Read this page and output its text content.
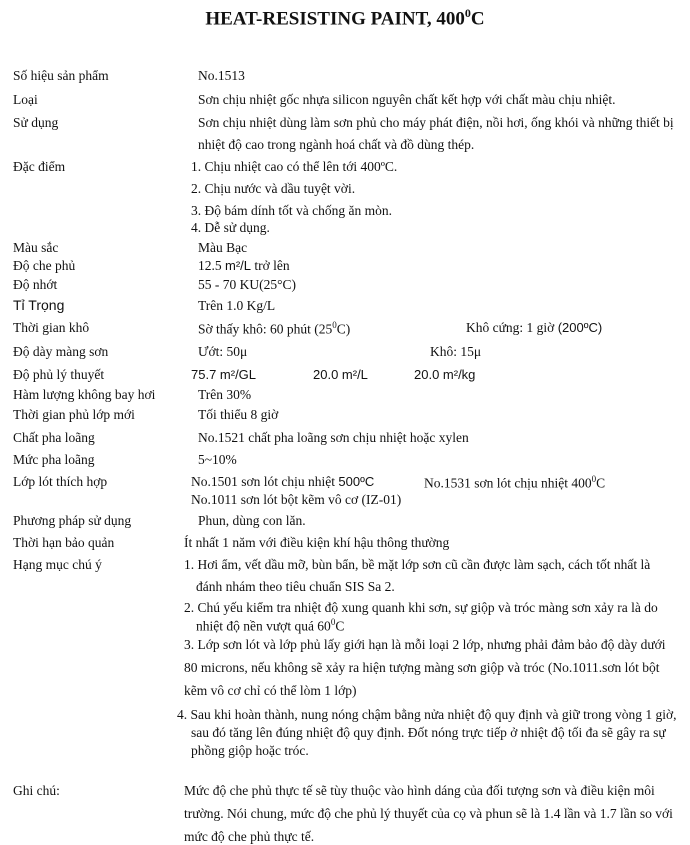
HEAT-RESISTING PAINT, $400^0C$
Số hiệu sản phẩm	No.1513
Loại	Sơn chịu nhiệt gốc nhựa silicon nguyên chất kết hợp với chất màu chịu nhiệt.
Sử dụng	Sơn chịu nhiệt dùng làm sơn phủ cho máy phát điện, nồi hơi, ống khói và những thiết bị
nhiệt độ cao trong ngành hoá chất và đồ dùng thép.
Đặc điểm	1. Chịu nhiệt cao có thể lên tới 400ºC.
2. Chịu nước và dầu tuyệt vời.
3. Độ bám dính tốt và chống ăn mòn.
4. Dễ sử dụng.
Màu sắc	Màu Bạc
Độ che phủ	12.5 m²/L trở lên
Độ nhớt	55 - 70 KU(25°C)
Tỉ Trọng	Trên 1.0 Kg/L
Thời gian khô	Sờ thấy khô: 60 phút $(25^0C)$	Khô cứng: 1 giờ (200ºC)
Độ dày màng sơn	Ướt: 50μ	Khô: 15μ
Độ phủ lý thuyết	75.7 m²/GL	20.0 m²/L	20.0 m²/kg
Hàm lượng không bay hơi	Trên 30%
Thời gian phủ lớp mới	Tối thiểu 8 giờ
Chất pha loãng	No.1521 chất pha loãng sơn chịu nhiệt hoặc xylen
Mức pha loãng	5~10%
Lớp lót thích hợp	No.1501 sơn lót chịu nhiệt 500ºC	No.1531 sơn lót chịu nhiệt $400^0C$
No.1011 sơn lót bột kẽm vô cơ (IZ-01)
Phương pháp sử dụng	Phun, dùng con lăn.
Thời hạn bảo quản	Ít nhất 1 năm với điều kiện khí hậu thông thường
Hạng mục chú ý	1. Hơi ẩm, vết dầu mỡ, bùn bẩn, bề mặt lớp sơn cũ cần được làm sạch, cách tốt nhất là
đánh nhám theo tiêu chuẩn SIS Sa 2.
2. Chú yếu kiểm tra nhiệt độ xung quanh khi sơn, sự giộp và tróc màng sơn xảy ra là do
nhiệt độ nền vượt quá $60^0C$
3. Lớp sơn lót và lớp phủ lấy giới hạn là mỗi loại 2 lớp, nhưng phải đảm bảo độ dày dưới
80 microns, nếu không sẽ xảy ra hiện tượng màng sơn giộp và tróc (No.1011.sơn lót bột
kẽm vô cơ chỉ có thể lòm 1 lớp)
4. Sau khi hoàn thành, nung nóng chậm bằng nửa nhiệt độ quy định và giữ trong vòng 1 giờ,
sau đó tăng lên đúng nhiệt độ quy định. Đốt nóng trực tiếp ở nhiệt độ tối đa sẽ gây ra sự
phồng giộp hoặc tróc.
Ghi chú:	Mức độ che phủ thực tế sẽ tùy thuộc vào hình dáng của đối tượng sơn và điều kiện môi
trường. Nói chung, mức độ che phủ lý thuyết của cọ và phun sẽ là 1.4 lần và 1.7 lần so với
mức độ che phủ thực tế.
